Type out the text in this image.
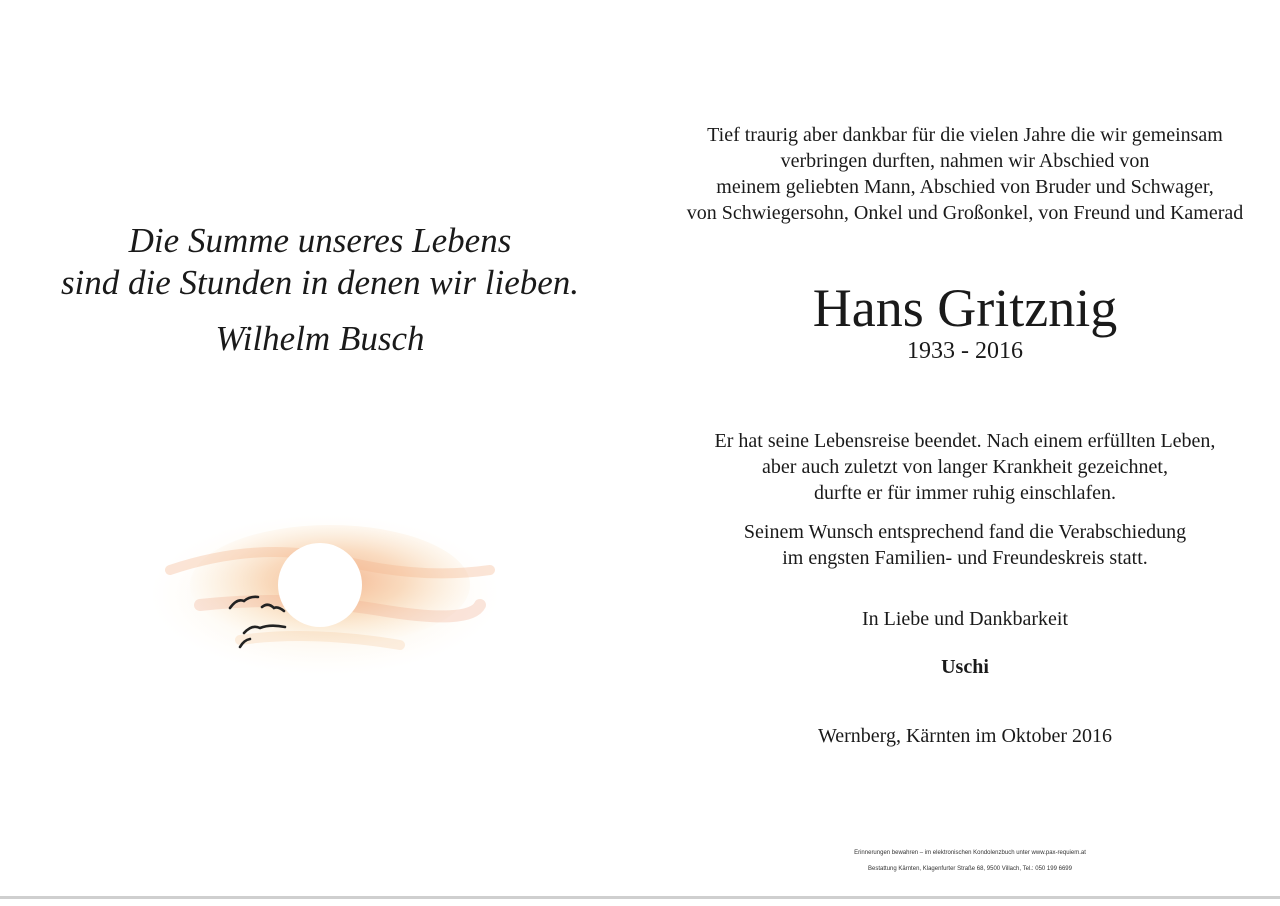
Die Summe unseres Lebens
sind die Stunden in denen wir lieben.
Wilhelm Busch

Tief traurig aber dankbar für die vielen Jahre die wir gemeinsam
verbringen durften, nahmen wir Abschied von
meinem geliebten Mann, Abschied von Bruder und Schwager,
von Schwiegersohn, Onkel und Großonkel, von Freund und Kamerad

Hans Gritznig
1933 - 2016

Er hat seine Lebensreise beendet. Nach einem erfüllten Leben,
aber auch zuletzt von langer Krankheit gezeichnet,
durfte er für immer ruhig einschlafen.

Seinem Wunsch entsprechend fand die Verabschiedung
im engsten Familien- und Freundeskreis statt.

In Liebe und Dankbarkeit
Uschi
Wernberg, Kärnten im Oktober 2016
Erinnerungen bewahren – im elektronischen Kondolenzbuch unter www.pax-requiem.at
Bestattung Kärnten, Klagenfurter Straße 68, 9500 Villach, Tel.: 050 199 6699
